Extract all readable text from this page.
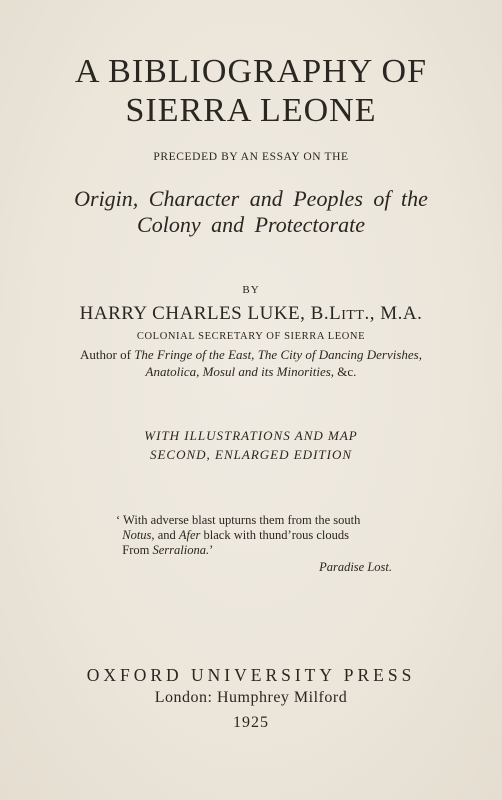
A BIBLIOGRAPHY OF
SIERRA LEONE
PRECEDED BY AN ESSAY ON THE
Origin, Character and Peoples of the
Colony and Protectorate
BY
HARRY CHARLES LUKE, B.LITT., M.A.
COLONIAL SECRETARY OF SIERRA LEONE
Author of The Fringe of the East, The City of Dancing Dervishes,
Anatolica, Mosul and its Minorities, &c.
WITH ILLUSTRATIONS AND MAP
SECOND, ENLARGED EDITION
‘ With adverse blast upturns them from the south
Notus, and Afer black with thund’rous clouds
From Serraliona.’
Paradise Lost.
OXFORD UNIVERSITY PRESS
London: Humphrey Milford
1925
